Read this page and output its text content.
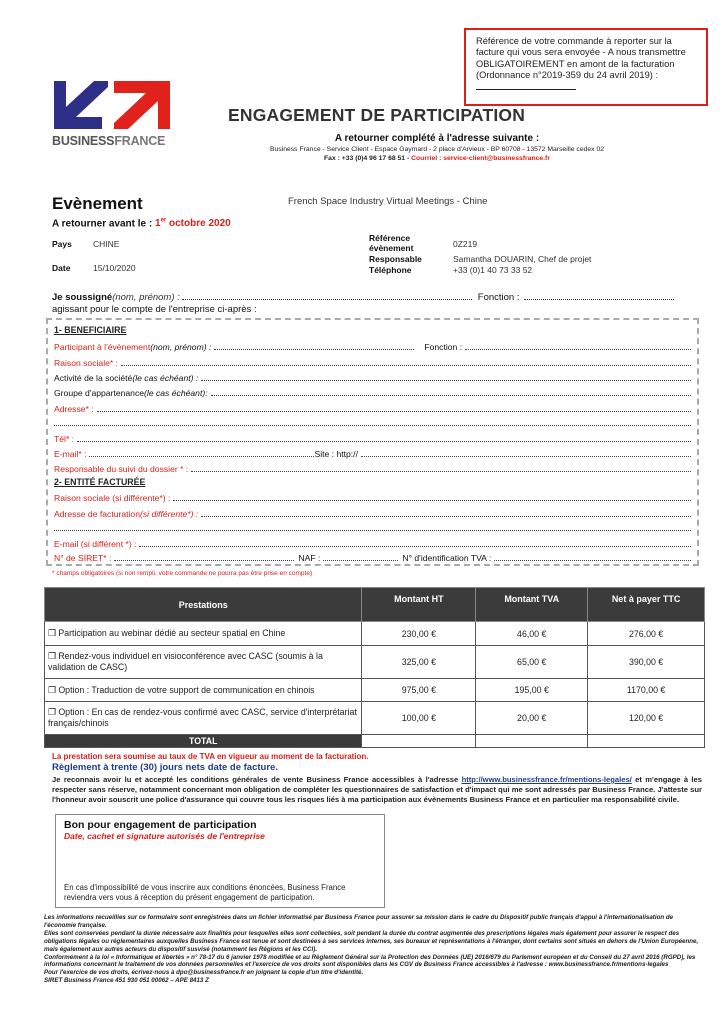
Référence de votre commande à reporter sur la facture qui vous sera envoyée - A nous transmettre OBLIGATOIREMENT en amont de la facturation (Ordonnance n°2019-359 du 24 avril 2019) :
BUSINESSFRANCE
ENGAGEMENT DE PARTICIPATION
A retourner complété à l'adresse suivante :
Business France - Service Client - Espace Gaymard - 2 place d'Arvieux - BP 60708 - 13572 Marseille cedex 02
Fax : +33 (0)4 96 17 68 51 - Courriel : service-client@businessfrance.fr
Evènement	French Space Industry Virtual Meetings - Chine
A retourner avant le : 1er octobre 2020
Pays CHINE
Date	15/10/2020
Référence évènement	0Z219
Responsable	Samantha DOUARIN, Chef de projet
Téléphone	+33 (0)1 40 73 33 52
Je soussigné (nom, prénom) :	Fonction :
agissant pour le compte de l'entreprise ci-après :
1- BENEFICIAIRE
Participant à l'évènement (nom, prénom) :	Fonction :
Raison sociale* :
Activité de la société (le cas échéant) :
Groupe d'appartenance (le cas échéant):
Adresse* :
Tél* :
E-mail* :	Site : http://
Responsable du suivi du dossier * :
2- ENTITÉ FACTURÉE
Raison sociale (si différente*) :
Adresse de facturation (si différente*) :
E-mail (si différent *) :
N° de SIRET* :	NAF :	N° d'identification TVA :
* champs obligatoires (si non rempli, votre commande ne pourra pas être prise en compte)
Prestations	Montant HT	Montant TVA	Net à payer TTC
❐ Participation au webinar dédié au secteur spatial en Chine	230,00 €	46,00 €	276,00 €
❐ Rendez-vous individuel en visioconférence avec CASC (soumis à la validation de CASC)	325,00 €	65,00 €	390,00 €
❐ Option : Traduction de votre support de communication en chinois	975,00 €	195,00 €	1170,00 €
❐ Option : En cas de rendez-vous confirmé avec CASC, service d'interprétariat français/chinois	100,00 €	20,00 €	120,00 €
TOTAL			
La prestation sera soumise au taux de TVA en vigueur au moment de la facturation.
Règlement à trente (30) jours nets date de facture.
Je reconnais avoir lu et accepté les conditions générales de vente Business France accessibles à l'adresse http://www.businessfrance.fr/mentions-legales/ et m'engage à les respecter sans réserve, notamment concernant mon obligation de compléter les questionnaires de satisfaction et d'impact qui me sont adressés par Business France. J'atteste sur l'honneur avoir souscrit une police d'assurance qui couvre tous les risques liés à ma participation aux évènements Business France et en particulier ma responsabilité civile.
Bon pour engagement de participation
Date, cachet et signature autorisés de l'entreprise
En cas d'impossibilité de vous inscrire aux conditions énoncées, Business France reviendra vers vous à réception du présent engagement de participation.
Les informations recueillies sur ce formulaire sont enregistrées dans un fichier informatisé par Business France pour assurer sa mission dans le cadre du Dispositif public français d'appui à l'internationalisation de l'économie française.
Elles sont conservées pendant la durée nécessaire aux finalités pour lesquelles elles sont collectées, soit pendant la durée du contrat augmentée des prescriptions légales mais également pour assurer le respect des obligations légales ou réglementaires auxquelles Business France est tenue et sont destinées à ses services internes, ses bureaux et représentations à l'étranger, dont certains sont situés en dehors de l'Union Européenne, mais également aux autres acteurs du dispositif susvisé (notamment les Régions et les CCI).
Conformément à la loi « Informatique et libertés » n° 78-17 du 6 janvier 1978 modifiée et au Règlement Général sur la Protection des Données (UE) 2016/679 du Parlement européen et du Conseil du 27 avril 2016 (RGPD), les informations concernant le traitement de vos données personnelles et l'exercice de vos droits sont disponibles dans les CGV de Business France accessibles à l'adresse : www.businessfrance.fr/mentions-legales
Pour l'exercice de vos droits, écrivez-nous à dpo@businessfrance.fr en joignant la copie d'un titre d'identité.
SIRET Business France 451 930 051 00062 – APE 8413 Z
